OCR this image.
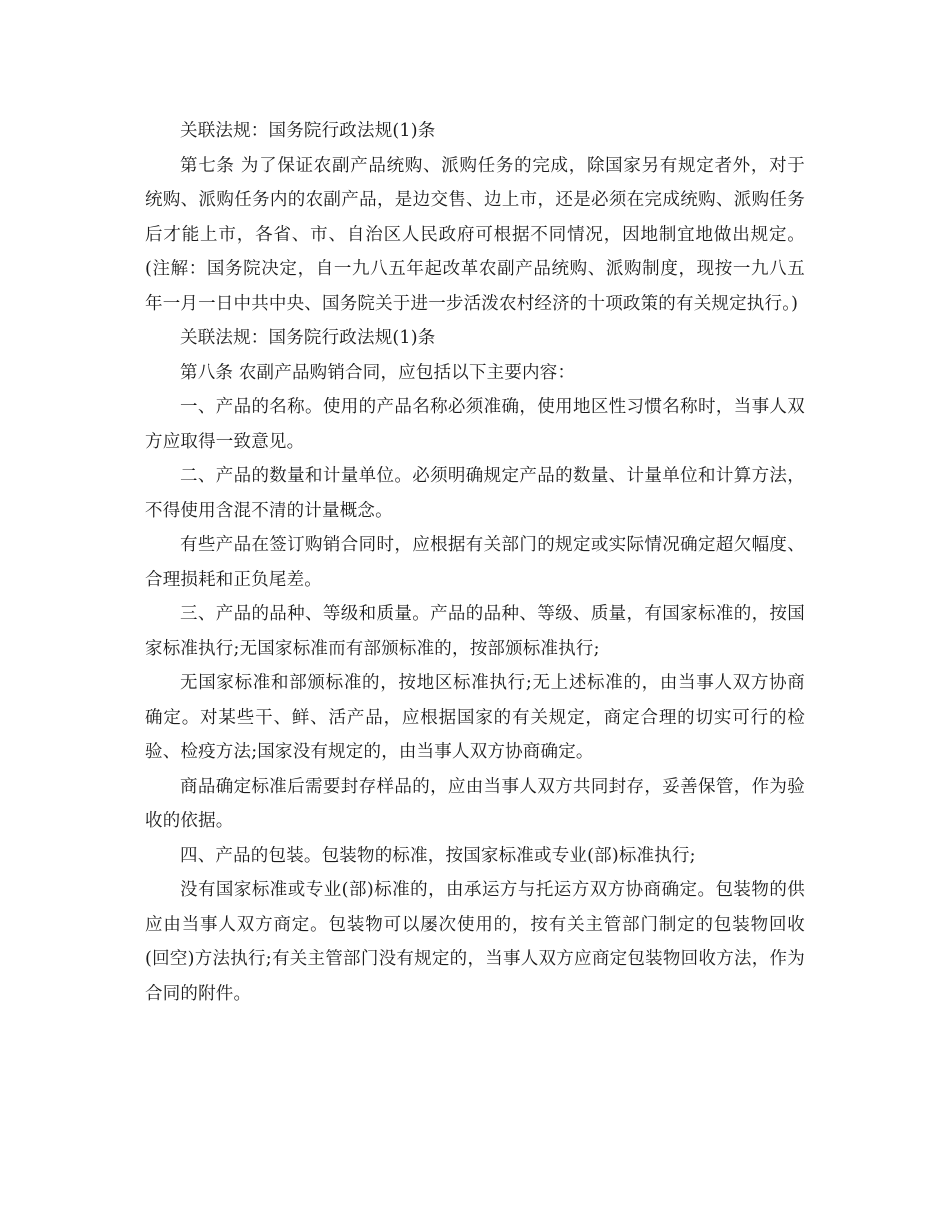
关联法规：国务院行政法规(1)条

第七条 为了保证农副产品统购、派购任务的完成，除国家另有规定者外，对于统购、派购任务内的农副产品，是边交售、边上市，还是必须在完成统购、派购任务后才能上市，各省、市、自治区人民政府可根据不同情况，因地制宜地做出规定。(注解：国务院决定，自一九八五年起改革农副产品统购、派购制度，现按一九八五年一月一日中共中央、国务院关于进一步活泼农村经济的十项政策的有关规定执行。)

关联法规：国务院行政法规(1)条

第八条 农副产品购销合同，应包括以下主要内容：

一、产品的名称。使用的产品名称必须准确，使用地区性习惯名称时，当事人双方应取得一致意见。

二、产品的数量和计量单位。必须明确规定产品的数量、计量单位和计算方法，不得使用含混不清的计量概念。

有些产品在签订购销合同时，应根据有关部门的规定或实际情况确定超欠幅度、合理损耗和正负尾差。

三、产品的品种、等级和质量。产品的品种、等级、质量，有国家标准的，按国家标准执行;无国家标准而有部颁标准的，按部颁标准执行;

无国家标准和部颁标准的，按地区标准执行;无上述标准的，由当事人双方协商确定。对某些干、鲜、活产品，应根据国家的有关规定，商定合理的切实可行的检验、检疫方法;国家没有规定的，由当事人双方协商确定。

商品确定标准后需要封存样品的，应由当事人双方共同封存，妥善保管，作为验收的依据。

四、产品的包装。包装物的标准，按国家标准或专业(部)标准执行;

没有国家标准或专业(部)标准的，由承运方与托运方双方协商确定。包装物的供应由当事人双方商定。包装物可以屡次使用的，按有关主管部门制定的包装物回收(回空)方法执行;有关主管部门没有规定的，当事人双方应商定包装物回收方法，作为合同的附件。
